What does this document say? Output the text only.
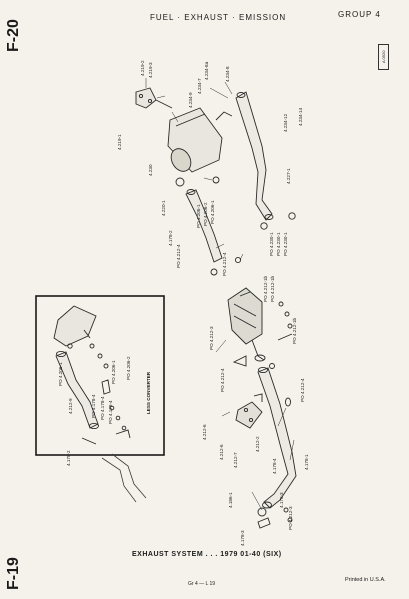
4.219-2 4.219-3
4.219-1
4.234-9
4.234-7
4.234-8a	4.234-8
4.234-12 4.234-14
4.230	4.227-1
4.220-1	PO 4.206-1 PO 4.206-2 PO 4.206-1
4.178-2
PO 4.212-4	PO 4.212-4
PO 4.230-1 PO 4.230-1 PO 4.230-1
PO 4.212-1b PO 4.212-1b
PO 4.212-1b
PO 4.212-3
PO 4.212-4
4.212-6
4.212-2
4.212-7
4.212-6
PO 4.212-4
4.178-1
4.178-4
4.186-1
4.178-3
4.178-3
PO 4.212-3
PO 4.206-1
4.212-9
PO 4.206-1 PO 4.206-2
PO 4.178-4 PO 4.178-4 PO 4.178-4
4.178-2
LESS CONVERTER
F-20
FUEL · EXHAUST · EMISSION	GROUP 4
A 0920
EXHAUST SYSTEM . . . 1979 01-40 (SIX)
F-19	Gr 4 — L 19
Printed in U.S.A.
